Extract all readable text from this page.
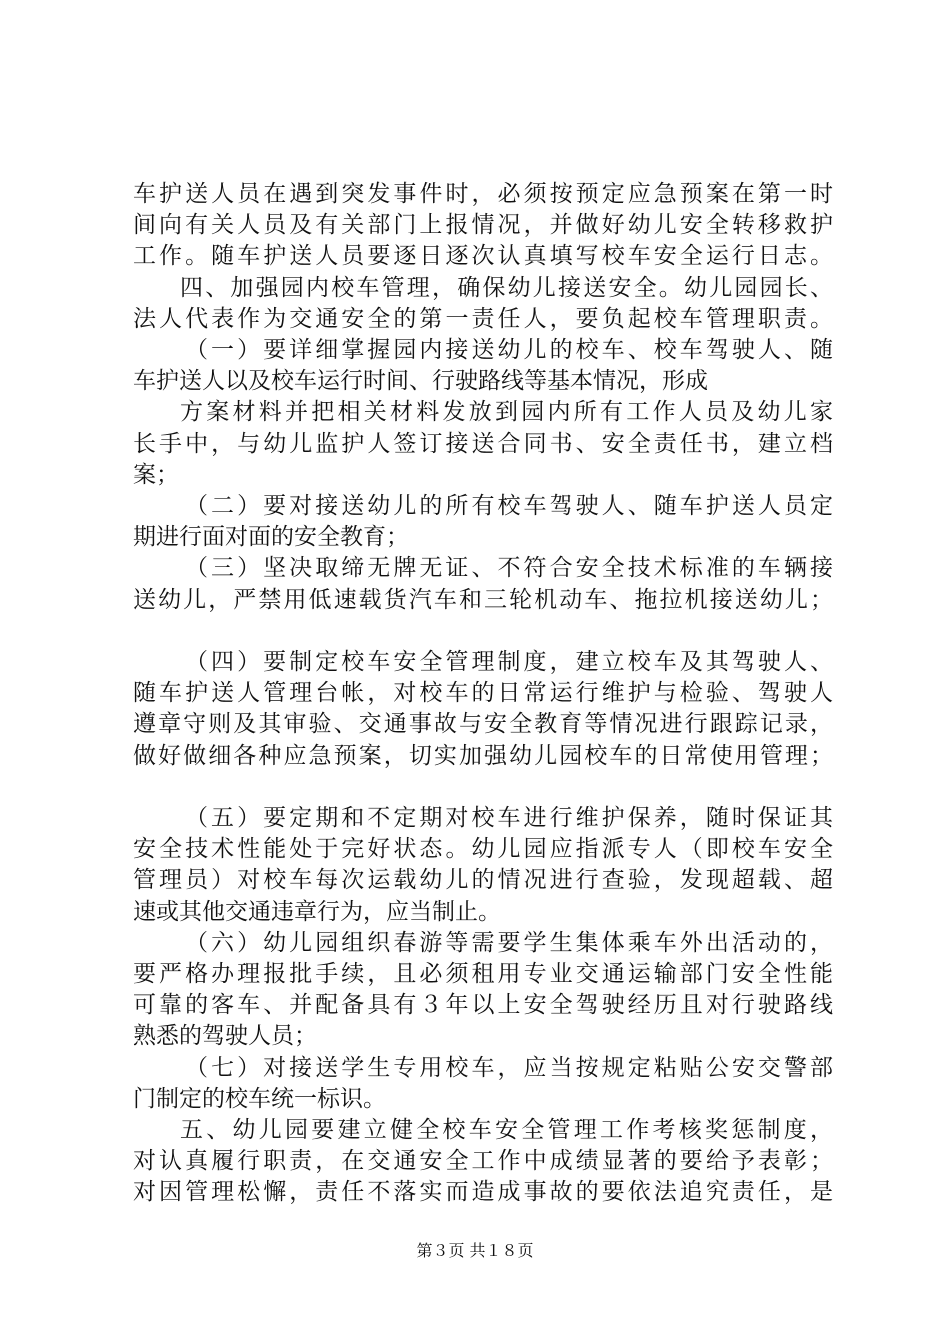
车护送人员在遇到突发事件时，必须按预定应急预案在第一时
间向有关人员及有关部门上报情况，并做好幼儿安全转移救护
工作。随车护送人员要逐日逐次认真填写校车安全运行日志。
四、加强园内校车管理，确保幼儿接送安全。幼儿园园长、
法人代表作为交通安全的第一责任人，要负起校车管理职责。
（一）要详细掌握园内接送幼儿的校车、校车驾驶人、随
车护送人以及校车运行时间、行驶路线等基本情况，形成
方案材料并把相关材料发放到园内所有工作人员及幼儿家
长手中，与幼儿监护人签订接送合同书、安全责任书，建立档
案；
（二）要对接送幼儿的所有校车驾驶人、随车护送人员定
期进行面对面的安全教育；
（三）坚决取缔无牌无证、不符合安全技术标准的车辆接
送幼儿，严禁用低速载货汽车和三轮机动车、拖拉机接送幼儿；
（四）要制定校车安全管理制度，建立校车及其驾驶人、
随车护送人管理台帐，对校车的日常运行维护与检验、驾驶人
遵章守则及其审验、交通事故与安全教育等情况进行跟踪记录，
做好做细各种应急预案，切实加强幼儿园校车的日常使用管理；
（五）要定期和不定期对校车进行维护保养，随时保证其
安全技术性能处于完好状态。幼儿园应指派专人（即校车安全
管理员）对校车每次运载幼儿的情况进行查验，发现超载、超
速或其他交通违章行为，应当制止。
（六）幼儿园组织春游等需要学生集体乘车外出活动的，
要严格办理报批手续，且必须租用专业交通运输部门安全性能
可靠的客车、并配备具有３年以上安全驾驶经历且对行驶路线
熟悉的驾驶人员；
（七）对接送学生专用校车，应当按规定粘贴公安交警部
门制定的校车统一标识。
第３页 共１８页
五、幼儿园要建立健全校车安全管理工作考核奖惩制度，
对认真履行职责，在交通安全工作中成绩显著的要给予表彰；
对因管理松懈，责任不落实而造成事故的要依法追究责任，是
